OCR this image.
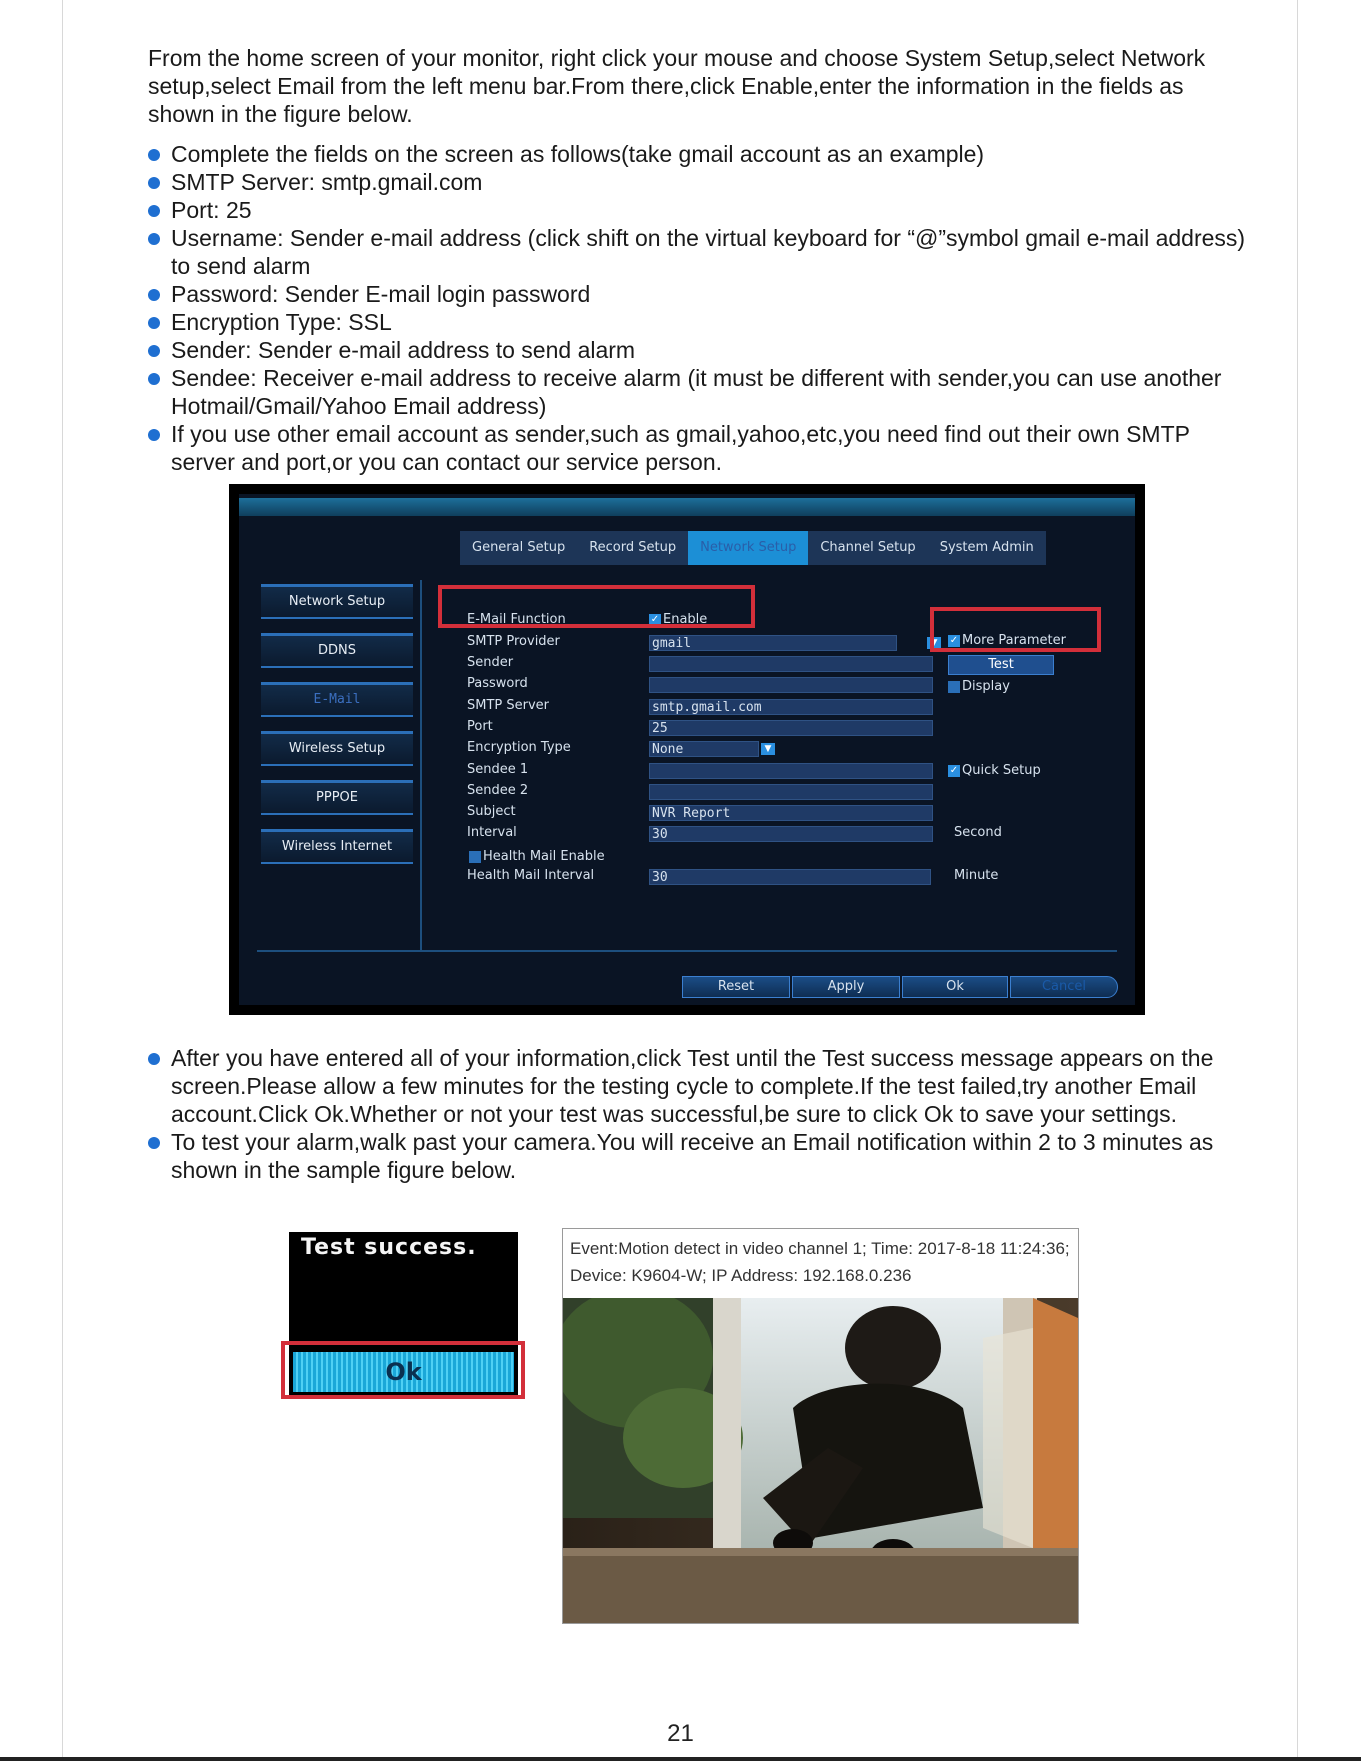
From the home screen of your monitor, right click your mouse and choose System Setup,select Network setup,select Email from the left menu bar.From there,click Enable,enter the information in the fields as shown in the figure below.

Complete the fields on the screen as follows(take gmail account as an example)
SMTP Server: smtp.gmail.com
Port: 25
Username: Sender e-mail address (click shift on the virtual keyboard for “@”symbol gmail e-mail address) to send alarm
Password: Sender E-mail login password
Encryption Type: SSL
Sender: Sender e-mail address to send alarm
Sendee: Receiver e-mail address to receive alarm (it must be different with sender,you can use another Hotmail/Gmail/Yahoo Email address)
If you use other email account as sender,such as gmail,yahoo,etc,you need find out their own SMTP server and port,or you can contact our service person.
General Setup	Record Setup	Network Setup	Channel Setup	System Admin
Network Setup
DDNS
E-Mail
Wireless Setup
PPPOE
Wireless Internet
E-Mail Function	✓ Enable
SMTP Provider	gmail	▼
Sender
Password
SMTP Server	smtp.gmail.com
Port	25
Encryption Type	None	▼
Sendee 1
Sendee 2
Subject	NVR Report
Interval	30	Second
Health Mail Enable
Health Mail Interval	30	Minute
✓ More Parameter
Test
Display
✓ Quick Setup
Reset	Apply	Ok	Cancel
After you have entered all of your information,click Test until the Test success message appears on the screen.Please allow a few minutes for the testing cycle to complete.If the test failed,try another Email account.Click Ok.Whether or not your test was successful,be sure to click Ok to save your settings.
To test your alarm,walk past your camera.You will receive an Email notification within 2 to 3 minutes as shown in the sample figure below.
Test success.
Ok
Event:Motion detect in video channel 1; Time: 2017-8-18 11:24:36; Device: K9604-W; IP Address: 192.168.0.236
21
